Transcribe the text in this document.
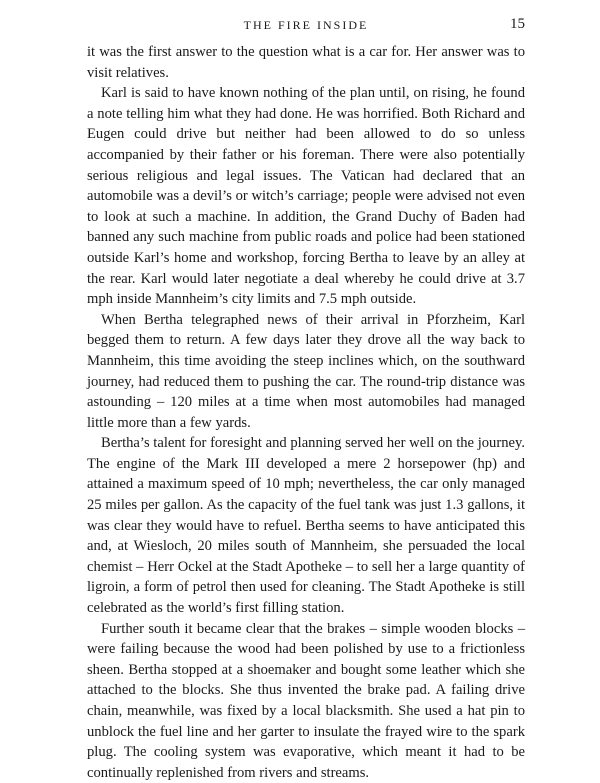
THE FIRE INSIDE	15

it was the first answer to the question what is a car for. Her answer was to visit relatives.

Karl is said to have known nothing of the plan until, on rising, he found a note telling him what they had done. He was horrified. Both Richard and Eugen could drive but neither had been allowed to do so unless accompanied by their father or his foreman. There were also potentially serious religious and legal issues. The Vatican had declared that an automobile was a devil’s or witch’s carriage; people were advised not even to look at such a machine. In addition, the Grand Duchy of Baden had banned any such machine from public roads and police had been stationed outside Karl’s home and workshop, forcing Bertha to leave by an alley at the rear. Karl would later negotiate a deal whereby he could drive at 3.7 mph inside Mannheim’s city limits and 7.5 mph outside.

When Bertha telegraphed news of their arrival in Pforzheim, Karl begged them to return. A few days later they drove all the way back to Mannheim, this time avoiding the steep inclines which, on the southward journey, had reduced them to pushing the car. The round-trip distance was astounding – 120 miles at a time when most automobiles had managed little more than a few yards.

Bertha’s talent for foresight and planning served her well on the journey. The engine of the Mark III developed a mere 2 horsepower (hp) and attained a maximum speed of 10 mph; nevertheless, the car only managed 25 miles per gallon. As the capacity of the fuel tank was just 1.3 gallons, it was clear they would have to refuel. Bertha seems to have anticipated this and, at Wiesloch, 20 miles south of Mannheim, she persuaded the local chemist – Herr Ockel at the Stadt Apotheke – to sell her a large quantity of ligroin, a form of petrol then used for cleaning. The Stadt Apotheke is still celebrated as the world’s first filling station.

Further south it became clear that the brakes – simple wooden blocks – were failing because the wood had been polished by use to a frictionless sheen. Bertha stopped at a shoemaker and bought some leather which she attached to the blocks. She thus invented the brake pad. A failing drive chain, meanwhile, was fixed by a local blacksmith. She used a hat pin to unblock the fuel line and her garter to insulate the frayed wire to the spark plug. The cooling system was evaporative, which meant it had to be continually replenished from rivers and streams.
